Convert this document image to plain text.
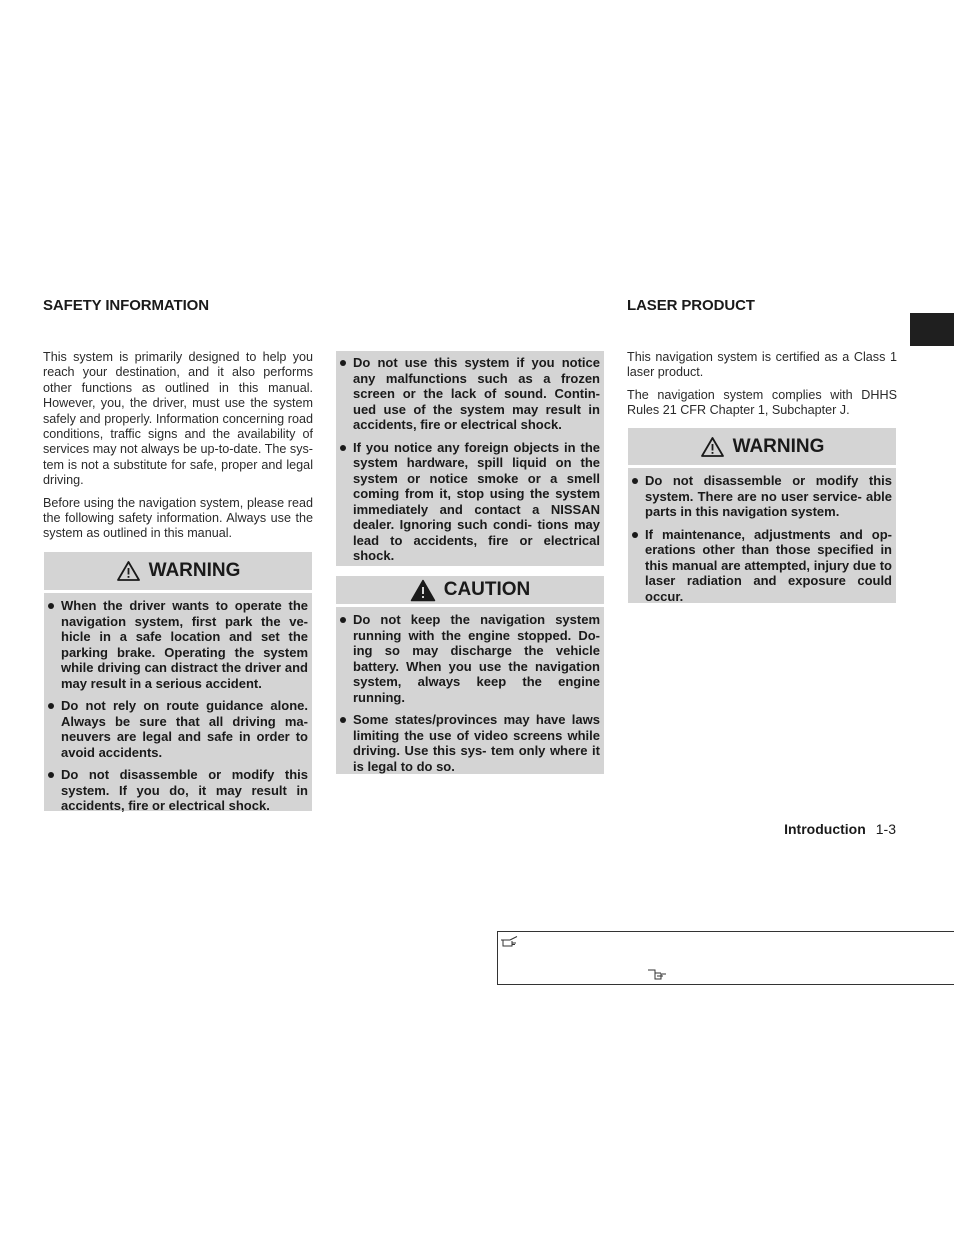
SAFETY INFORMATION

This system is primarily designed to help you reach your destination, and it also performs other functions as outlined in this manual. However, you, the driver, must use the system safely and properly. Information concerning road conditions, traffic signs and the availability of services may not always be up-to-date. The sys- tem is not a substitute for safe, proper and legal driving.

Before using the navigation system, please read the following safety information. Always use the system as outlined in this manual.

WARNING
When the driver wants to operate the navigation system, first park the ve- hicle in a safe location and set the parking brake. Operating the system while driving can distract the driver and may result in a serious accident.
Do not rely on route guidance alone. Always be sure that all driving ma- neuvers are legal and safe in order to avoid accidents.
Do not disassemble or modify this system. If you do, it may result in accidents, fire or electrical shock.
Do not use this system if you notice any malfunctions such as a frozen screen or the lack of sound. Contin- ued use of the system may result in accidents, fire or electrical shock.
If you notice any foreign objects in the system hardware, spill liquid on the system or notice smoke or a smell coming from it, stop using the system immediately and contact a NISSAN dealer. Ignoring such condi- tions may lead to accidents, fire or electrical shock.
CAUTION
Do not keep the navigation system running with the engine stopped. Do- ing so may discharge the vehicle battery. When you use the navigation system, always keep the engine running.
Some states/provinces may have laws limiting the use of video screens while driving. Use this sys- tem only where it is legal to do so.
LASER PRODUCT

This navigation system is certified as a Class 1 laser product.

The navigation system complies with DHHS Rules 21 CFR Chapter 1, Subchapter J.

WARNING
Do not disassemble or modify this system. There are no user service- able parts in this navigation system.
If maintenance, adjustments and op- erations other than those specified in this manual are attempted, injury due to laser radiation and exposure could occur.
Introduction 1-3
